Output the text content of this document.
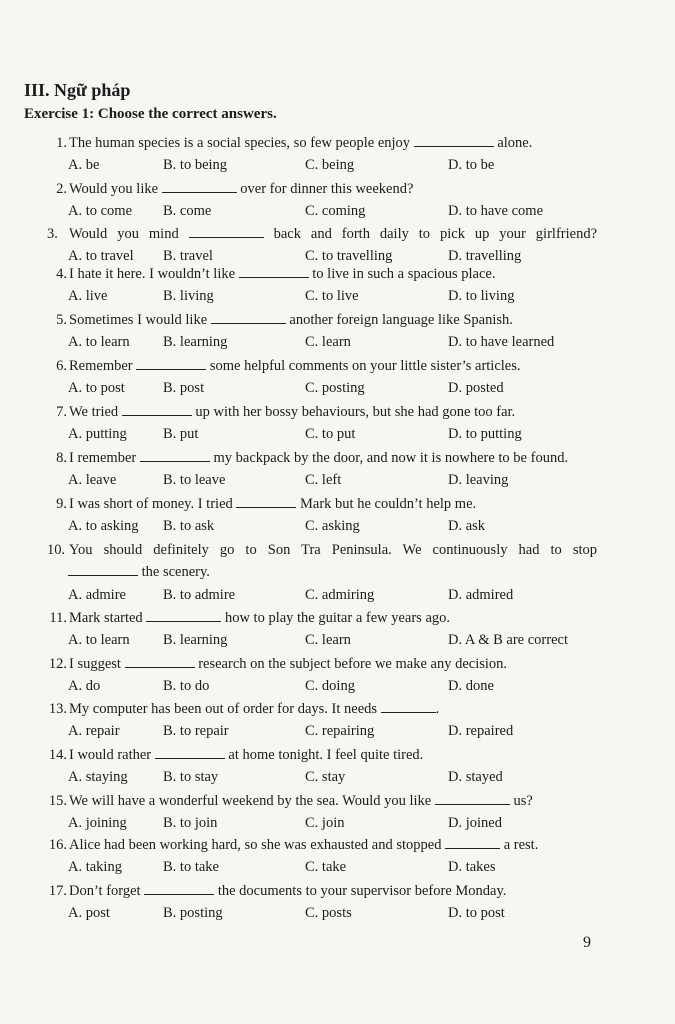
III. Ngữ pháp
Exercise 1: Choose the correct answers.
1. The human species is a social species, so few people enjoy	alone.
A. be	B. to being	C. being	D. to be
2. Would you like	over for dinner this weekend?
A. to come B. come	C. coming	D. to have come
3. Would you mind	back and forth daily to pick up your girlfriend?
A. to travel B. travel	C. to travelling	D. travelling
4. I hate it here. I wouldn’t like	to live in such a spacious place.
A. live	B. living	C. to live	D. to living
5. Sometimes I would like	another foreign language like Spanish.
A. to learn B. learning	C. learn	D. to have learned
6. Remember	some helpful comments on your little sister’s articles.
A. to post	B. post	C. posting	D. posted
7. We tried	up with her bossy behaviours, but she had gone too far.
A. putting B. put	C. to put	D. to putting
8. I remember	my backpack by the door, and now it is nowhere to be found.
A. leave	B. to leave	C. left	D. leaving
9. I was short of money. I tried	Mark but he couldn’t help me.
A. to asking B. to ask	C. asking	D. ask
10. You should definitely go to Son Tra Peninsula. We continuously had to stop
the scenery.
A. admire	B. to admire	C. admiring	D. admired
11. Mark started	how to play the guitar a few years ago.
A. to learn B. learning	C. learn	D. A & B are correct
12. I suggest	research on the subject before we make any decision.
A. do	B. to do	C. doing	D. done
13. My computer has been out of order for days. It needs	.
A. repair	B. to repair	C. repairing	D. repaired
14. I would rather	at home tonight. I feel quite tired.
A. staying B. to stay	C. stay	D. stayed
15. We will have a wonderful weekend by the sea. Would you like	us?
A. joining B. to join	C. join	D. joined
16. Alice had been working hard, so she was exhausted and stopped	a rest.
A. taking	B. to take	C. take	D. takes
17. Don’t forget	the documents to your supervisor before Monday.
A. post	B. posting	C. posts	D. to post
9
